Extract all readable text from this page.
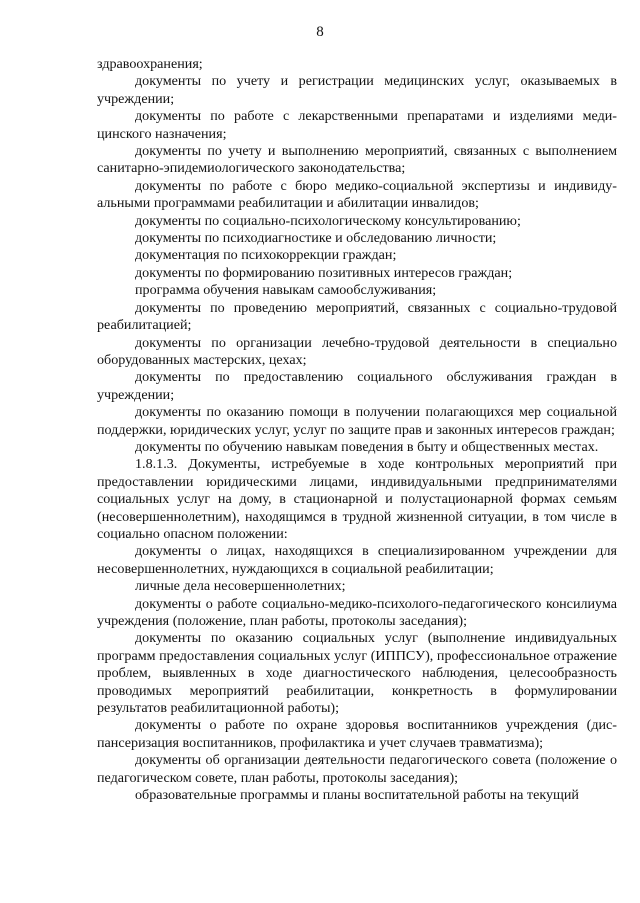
8

здравоохранения;

документы по учету и регистрации медицинских услуг, оказываемых в учреждении;

документы по работе с лекарственными препаратами и изделиями медицинского назначения;

документы по учету и выполнению мероприятий, связанных с выполнением санитарно-эпидемиологического законодательства;

документы по работе с бюро медико-социальной экспертизы и индивидуальными программами реабилитации и абилитации инвалидов;

документы по социально-психологическому консультированию;

документы по психодиагностике и обследованию личности;

документация по психокоррекции граждан;

документы по формированию позитивных интересов граждан;

программа обучения навыкам самообслуживания;

документы по проведению мероприятий, связанных с социально-трудовой реабилитацией;

документы по организации лечебно-трудовой деятельности в специально оборудованных мастерских, цехах;

документы по предоставлению социального обслуживания граждан в учреждении;

документы по оказанию помощи в получении полагающихся мер социальной поддержки, юридических услуг, услуг по защите прав и законных интересов граждан;

документы по обучению навыкам поведения в быту и общественных местах.

1.8.1.3. Документы, истребуемые в ходе контрольных мероприятий при предоставлении юридическими лицами, индивидуальными предпринимателями социальных услуг на дому, в стационарной и полустационарной формах семьям (несовершеннолетним), находящимся в трудной жизненной ситуации, в том числе в социально опасном положении:

документы о лицах, находящихся в специализированном учреждении для несовершеннолетних, нуждающихся в социальной реабилитации;

личные дела несовершеннолетних;

документы о работе социально-медико-психолого-педагогического консилиума учреждения (положение, план работы, протоколы заседания);

документы по оказанию социальных услуг (выполнение индивидуальных программ предоставления социальных услуг (ИППСУ), профессиональное отражение проблем, выявленных в ходе диагностического наблюдения, целесообразность проводимых мероприятий реабилитации, конкретность в формулировании результатов реабилитационной работы);

документы о работе по охране здоровья воспитанников учреждения (диспансеризация воспитанников, профилактика и учет случаев травматизма);

документы об организации деятельности педагогического совета (положение о педагогическом совете, план работы, протоколы заседания);

образовательные программы и планы воспитательной работы на текущий
